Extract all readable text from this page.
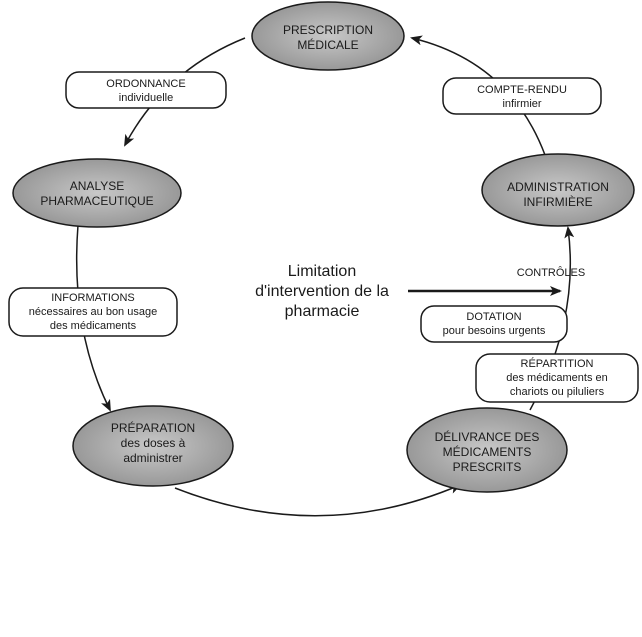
PRESCRIPTION
MÉDICALE
ANALYSE
PHARMACEUTIQUE
PRÉPARATION
des doses à
administrer
DÉLIVRANCE DES
MÉDICAMENTS
PRESCRITS
ADMINISTRATION
INFIRMIÈRE
ORDONNANCE
individuelle
COMPTE-RENDU
infirmier
INFORMATIONS
nécessaires au bon usage
des médicaments
DOTATION
pour besoins urgents
RÉPARTITION
des médicaments en
chariots ou piluliers
Limitation
d'intervention de la
pharmacie
CONTRÔLES
